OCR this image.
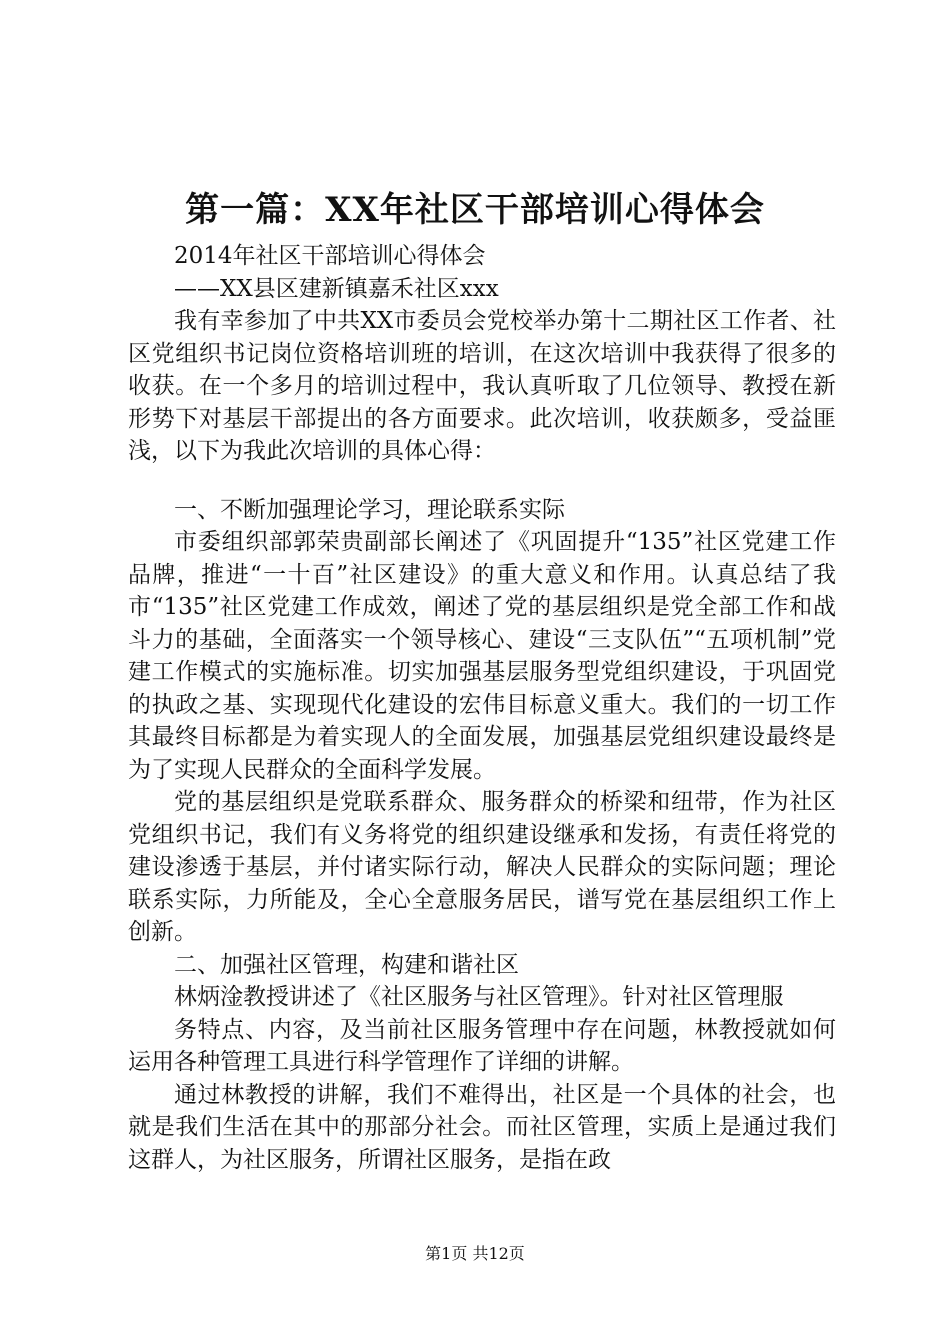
第一篇：XX年社区干部培训心得体会

2014年社区干部培训心得体会

——XX县区建新镇嘉禾社区xxx

我有幸参加了中共XX市委员会党校举办第十二期社区工作者、社区党组织书记岗位资格培训班的培训，在这次培训中我获得了很多的收获。在一个多月的培训过程中，我认真听取了几位领导、教授在新形势下对基层干部提出的各方面要求。此次培训，收获颇多，受益匪浅，以下为我此次培训的具体心得：

一、不断加强理论学习，理论联系实际

市委组织部郭荣贵副部长阐述了《巩固提升“135”社区党建工作品牌，推进“一十百”社区建设》的重大意义和作用。认真总结了我市“135”社区党建工作成效，阐述了党的基层组织是党全部工作和战斗力的基础，全面落实一个领导核心、建设“三支队伍”“五项机制”党建工作模式的实施标准。切实加强基层服务型党组织建设，于巩固党的执政之基、实现现代化建设的宏伟目标意义重大。我们的一切工作其最终目标都是为着实现人的全面发展，加强基层党组织建设最终是为了实现人民群众的全面科学发展。

党的基层组织是党联系群众、服务群众的桥梁和纽带，作为社区党组织书记，我们有义务将党的组织建设继承和发扬，有责任将党的建设渗透于基层，并付诸实际行动，解决人民群众的实际问题；理论联系实际，力所能及，全心全意服务居民，谱写党在基层组织工作上创新。

二、加强社区管理，构建和谐社区

林炳淦教授讲述了《社区服务与社区管理》。针对社区管理服

务特点、内容，及当前社区服务管理中存在问题，林教授就如何运用各种管理工具进行科学管理作了详细的讲解。

通过林教授的讲解，我们不难得出，社区是一个具体的社会，也就是我们生活在其中的那部分社会。而社区管理，实质上是通过我们这群人，为社区服务，所谓社区服务，是指在政

第1页 共12页
